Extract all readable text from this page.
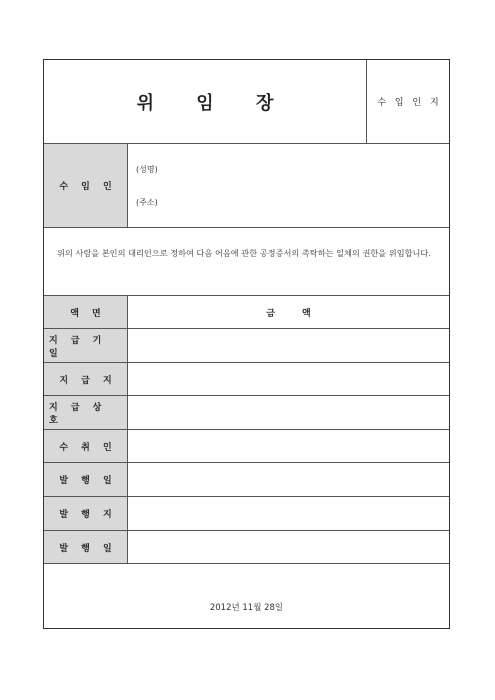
위 임 장	수 입 인 지
수 임 인
(성명)
(주소)
위의 사람을 본인의 대리인으로 정하여 다음 어음에 관한 공정증서의 촉탁하는 일체의 권한을 위임합니다.
액 면	금 액
지 급 기 일
지 급 지
지 급 상 호
수 취 인
발 행 일
발 행 지
발 행 일
2012년 11월 28일
